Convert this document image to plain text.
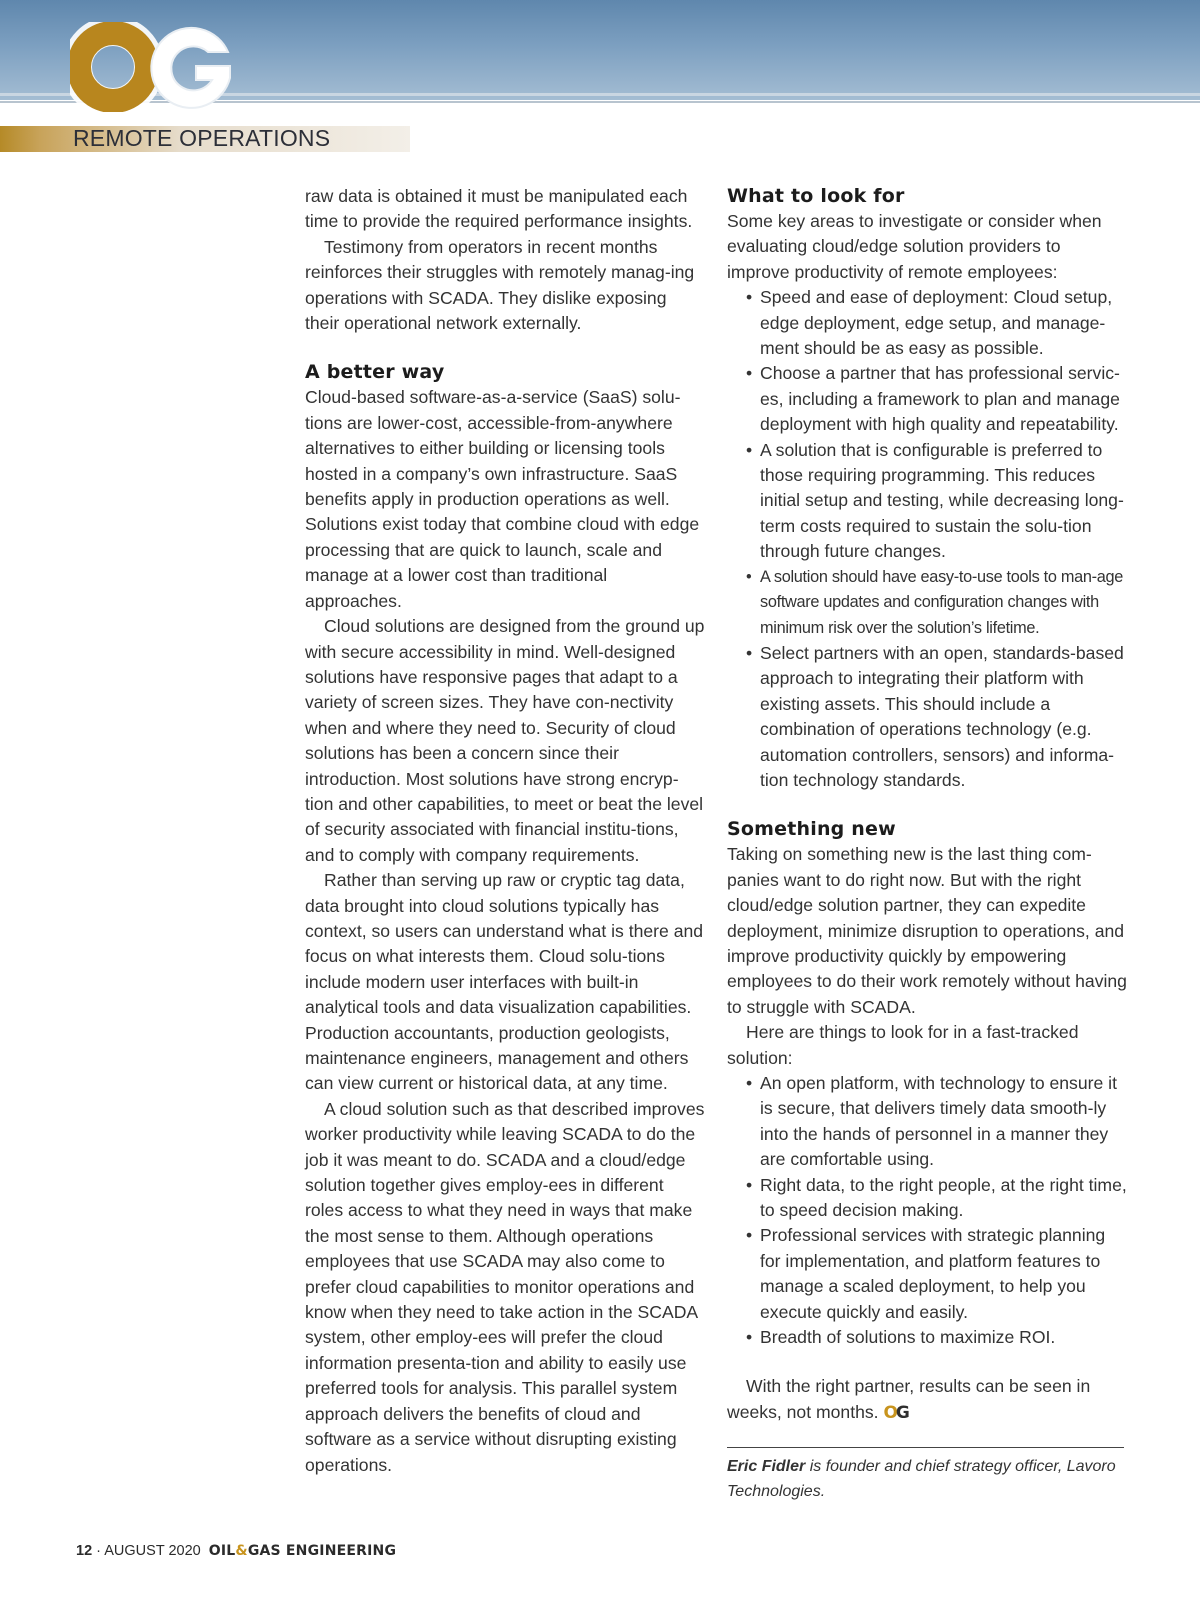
OG
REMOTE OPERATIONS

raw data is obtained it must be manipulated each time to provide the required performance insights.

Testimony from operators in recent months reinforces their struggles with remotely manag-ing operations with SCADA. They dislike exposing their operational network externally.

A better way

Cloud-based software-as-a-service (SaaS) solu-tions are lower-cost, accessible-from-anywhere alternatives to either building or licensing tools hosted in a company’s own infrastructure. SaaS benefits apply in production operations as well. Solutions exist today that combine cloud with edge processing that are quick to launch, scale and manage at a lower cost than traditional approaches.

Cloud solutions are designed from the ground up with secure accessibility in mind. Well-designed solutions have responsive pages that adapt to a variety of screen sizes. They have con-nectivity when and where they need to. Security of cloud solutions has been a concern since their introduction. Most solutions have strong encryp-tion and other capabilities, to meet or beat the level of security associated with financial institu-tions, and to comply with company requirements.

Rather than serving up raw or cryptic tag data, data brought into cloud solutions typically has context, so users can understand what is there and focus on what interests them. Cloud solu-tions include modern user interfaces with built-in analytical tools and data visualization capabilities. Production accountants, production geologists, maintenance engineers, management and others can view current or historical data, at any time.

A cloud solution such as that described improves worker productivity while leaving SCADA to do the job it was meant to do. SCADA and a cloud/edge solution together gives employ-ees in different roles access to what they need in ways that make the most sense to them. Although operations employees that use SCADA may also come to prefer cloud capabilities to monitor operations and know when they need to take action in the SCADA system, other employ-ees will prefer the cloud information presenta-tion and ability to easily use preferred tools for analysis. This parallel system approach delivers the benefits of cloud and software as a service without disrupting existing operations.

What to look for

Some key areas to investigate or consider when evaluating cloud/edge solution providers to improve productivity of remote employees:

• Speed and ease of deployment: Cloud setup, edge deployment, edge setup, and manage-ment should be as easy as possible.
• Choose a partner that has professional servic-es, including a framework to plan and manage deployment with high quality and repeatability.
• A solution that is configurable is preferred to those requiring programming. This reduces initial setup and testing, while decreasing long-term costs required to sustain the solu-tion through future changes.
• A solution should have easy-to-use tools to man-age software updates and configuration changes with minimum risk over the solution’s lifetime.
• Select partners with an open, standards-based approach to integrating their platform with existing assets. This should include a combination of operations technology (e.g. automation controllers, sensors) and informa-tion technology standards.
Something new

Taking on something new is the last thing com-panies want to do right now. But with the right cloud/edge solution partner, they can expedite deployment, minimize disruption to operations, and improve productivity quickly by empowering employees to do their work remotely without having to struggle with SCADA.

Here are things to look for in a fast-tracked solution:

• An open platform, with technology to ensure it is secure, that delivers timely data smooth-ly into the hands of personnel in a manner they are comfortable using.
• Right data, to the right people, at the right time, to speed decision making.
• Professional services with strategic planning for implementation, and platform features to manage a scaled deployment, to help you execute quickly and easily.
• Breadth of solutions to maximize ROI.

With the right partner, results can be seen in weeks, not months. OG

Eric Fidler is founder and chief strategy officer, Lavoro Technologies.
12 · AUGUST 2020 OIL&GAS ENGINEERING
